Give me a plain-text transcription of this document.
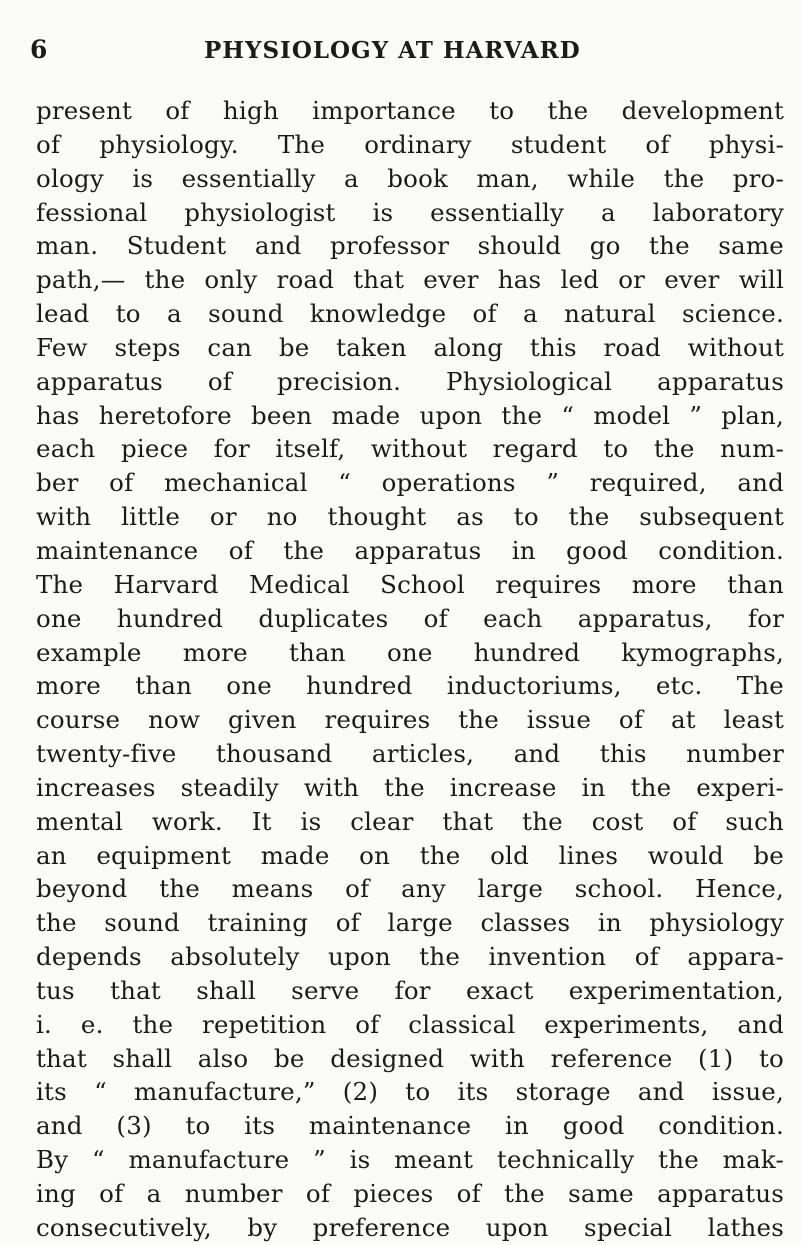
6	PHYSIOLOGY AT HARVARD
present of high importance to the development
of physiology. The ordinary student of physi-
ology is essentially a book man, while the pro-
fessional physiologist is essentially a laboratory
man. Student and professor should go the same
path,— the only road that ever has led or ever will
lead to a sound knowledge of a natural science.
Few steps can be taken along this road without
apparatus of precision. Physiological apparatus
has heretofore been made upon the “ model ” plan,
each piece for itself, without regard to the num-
ber of mechanical “ operations ” required, and
with little or no thought as to the subsequent
maintenance of the apparatus in good condition.
The Harvard Medical School requires more than
one hundred duplicates of each apparatus, for
example more than one hundred kymographs,
more than one hundred inductoriums, etc. The
course now given requires the issue of at least
twenty-five thousand articles, and this number
increases steadily with the increase in the experi-
mental work. It is clear that the cost of such
an equipment made on the old lines would be
beyond the means of any large school. Hence,
the sound training of large classes in physiology
depends absolutely upon the invention of appara-
tus that shall serve for exact experimentation,
i. e. the repetition of classical experiments, and
that shall also be designed with reference (1) to
its “ manufacture,” (2) to its storage and issue,
and (3) to its maintenance in good condition.
By “ manufacture ” is meant technically the mak-
ing of a number of pieces of the same apparatus
consecutively, by preference upon special lathes
